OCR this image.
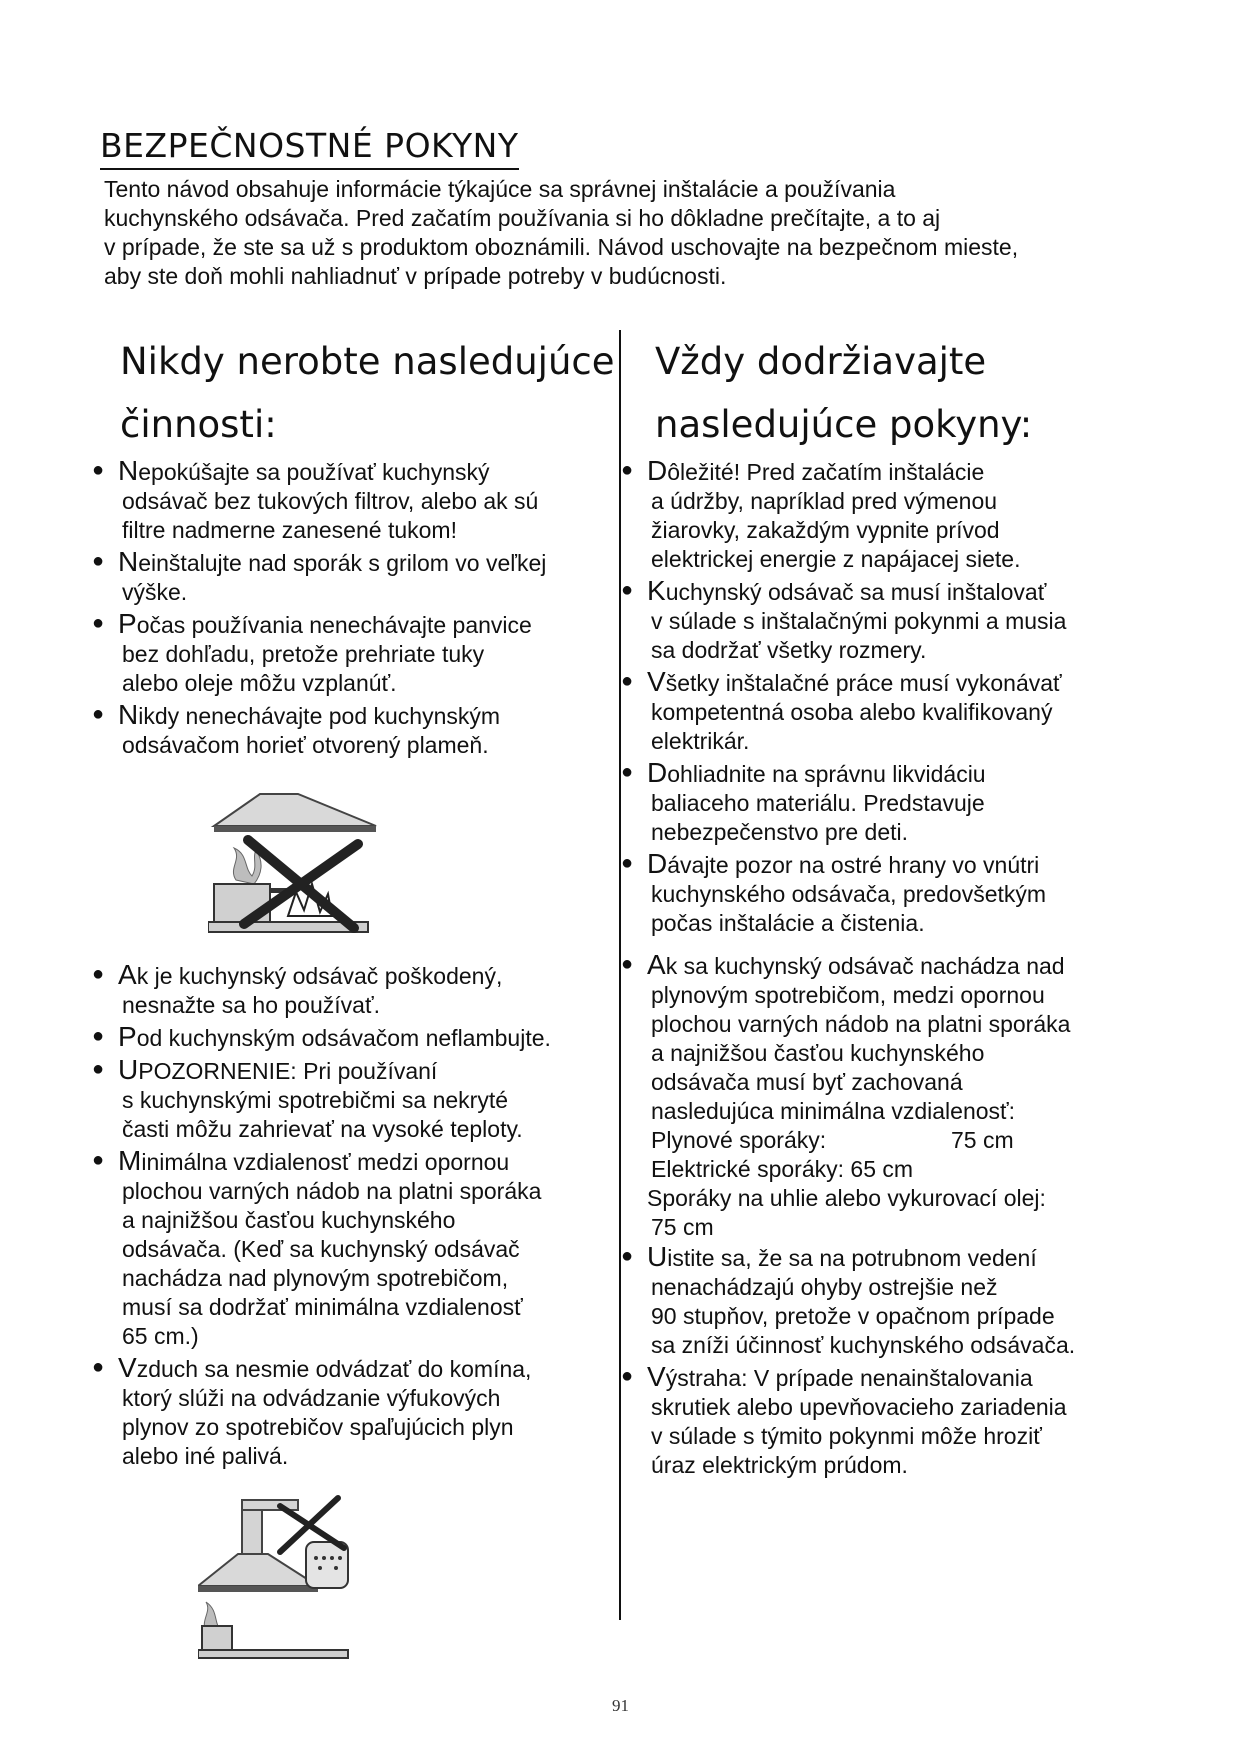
BEZPEČNOSTNÉ POKYNY

Tento návod obsahuje informácie týkajúce sa správnej inštalácie a používania

kuchynského odsávača. Pred začatím používania si ho dôkladne prečítajte, a to aj

v prípade, že ste sa už s produktom oboznámili. Návod uschovajte na bezpečnom mieste,

aby ste doň mohli nahliadnuť v prípade potreby v budúcnosti.

Nikdy nerobte nasledujúce
činnosti:
Vždy dodržiavajte
nasledujúce pokyny:
● Nepokúšajte sa používať kuchynský
odsávač bez tukových filtrov, alebo ak sú
filtre nadmerne zanesené tukom!
● Neinštalujte nad sporák s grilom vo veľkej
výške.
● Počas používania nenechávajte panvice
bez dohľadu, pretože prehriate tuky
alebo oleje môžu vzplanúť.
● Nikdy nenechávajte pod kuchynským
odsávačom horieť otvorený plameň.
● Ak je kuchynský odsávač poškodený,
nesnažte sa ho používať.
● Pod kuchynským odsávačom neflambujte.
● UPOZORNENIE: Pri používaní
s kuchynskými spotrebičmi sa nekryté
časti môžu zahrievať na vysoké teploty.
● Minimálna vzdialenosť medzi opornou
plochou varných nádob na platni sporáka
a najnižšou časťou kuchynského
odsávača. (Keď sa kuchynský odsávač
nachádza nad plynovým spotrebičom,
musí sa dodržať minimálna vzdialenosť
65 cm.)
● Vzduch sa nesmie odvádzať do komína,
ktorý slúži na odvádzanie výfukových
plynov zo spotrebičov spaľujúcich plyn
alebo iné palivá.
● Dôležité! Pred začatím inštalácie
a údržby, napríklad pred výmenou
žiarovky, zakaždým vypnite prívod
elektrickej energie z napájacej siete.
● Kuchynský odsávač sa musí inštalovať
v súlade s inštalačnými pokynmi a musia
sa dodržať všetky rozmery.
● Všetky inštalačné práce musí vykonávať
kompetentná osoba alebo kvalifikovaný
elektrikár.
● Dohliadnite na správnu likvidáciu
baliaceho materiálu. Predstavuje
nebezpečenstvo pre deti.
● Dávajte pozor na ostré hrany vo vnútri
kuchynského odsávača, predovšetkým
počas inštalácie a čistenia.
● Ak sa kuchynský odsávač nachádza nad
plynovým spotrebičom, medzi opornou
plochou varných nádob na platni sporáka
a najnižšou časťou kuchynského
odsávača musí byť zachovaná
nasledujúca minimálna vzdialenosť:
Plynové sporáky:	75 cm
Elektrické sporáky: 65 cm
Sporáky na uhlie alebo vykurovací olej:
75 cm
● Uistite sa, že sa na potrubnom vedení
nenachádzajú ohyby ostrejšie než
90 stupňov, pretože v opačnom prípade
sa zníži účinnosť kuchynského odsávača.
● Výstraha: V prípade nenainštalovania
skrutiek alebo upevňovacieho zariadenia
v súlade s týmito pokynmi môže hroziť
úraz elektrickým prúdom.
91
